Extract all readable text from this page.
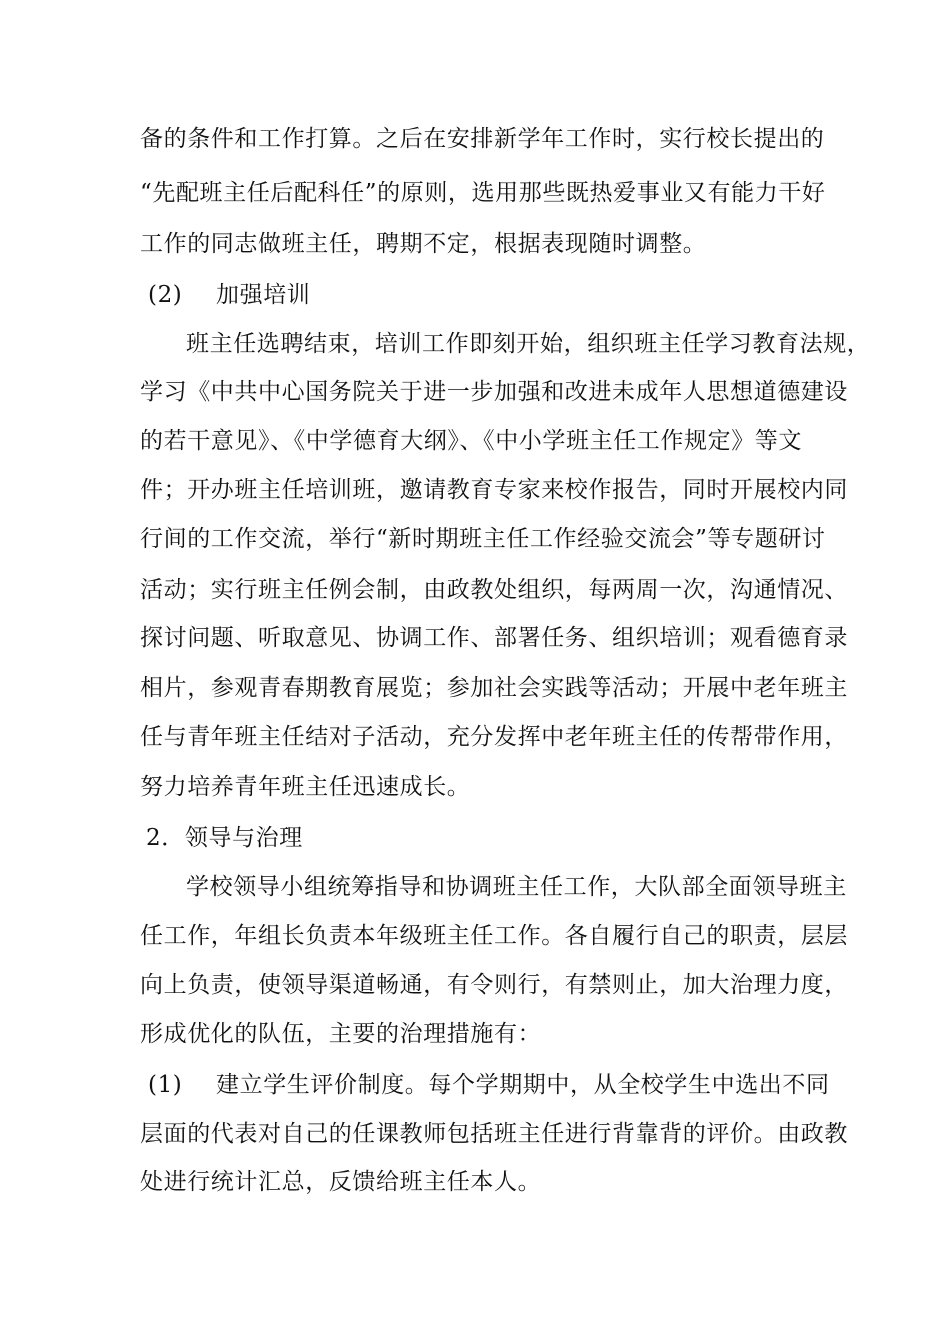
备的条件和工作打算。之后在安排新学年工作时，实行校长提出的
“先配班主任后配科任”的原则，选用那些既热爱事业又有能力干好
工作的同志做班主任，聘期不定，根据表现随时调整。
(2)	加强培训
班主任选聘结束，培训工作即刻开始，组织班主任学习教育法规，
学习《中共中心国务院关于进一步加强和改进未成年人思想道德建设
的若干意见》、《中学德育大纲》、《中小学班主任工作规定》等文
件；开办班主任培训班，邀请教育专家来校作报告，同时开展校内同
行间的工作交流，举行“新时期班主任工作经验交流会”等专题研讨
活动；实行班主任例会制，由政教处组织，每两周一次，沟通情况、
探讨问题、听取意见、协调工作、部署任务、组织培训；观看德育录
相片，参观青春期教育展览；参加社会实践等活动；开展中老年班主
任与青年班主任结对子活动，充分发挥中老年班主任的传帮带作用，
努力培养青年班主任迅速成长。
2．领导与治理
学校领导小组统筹指导和协调班主任工作，大队部全面领导班主
任工作，年组长负责本年级班主任工作。各自履行自己的职责，层层
向上负责，使领导渠道畅通，有令则行，有禁则止，加大治理力度，
形成优化的队伍，主要的治理措施有：
(1)	建立学生评价制度。每个学期期中，从全校学生中选出不同
层面的代表对自己的任课教师包括班主任进行背靠背的评价。由政教
处进行统计汇总，反馈给班主任本人。
